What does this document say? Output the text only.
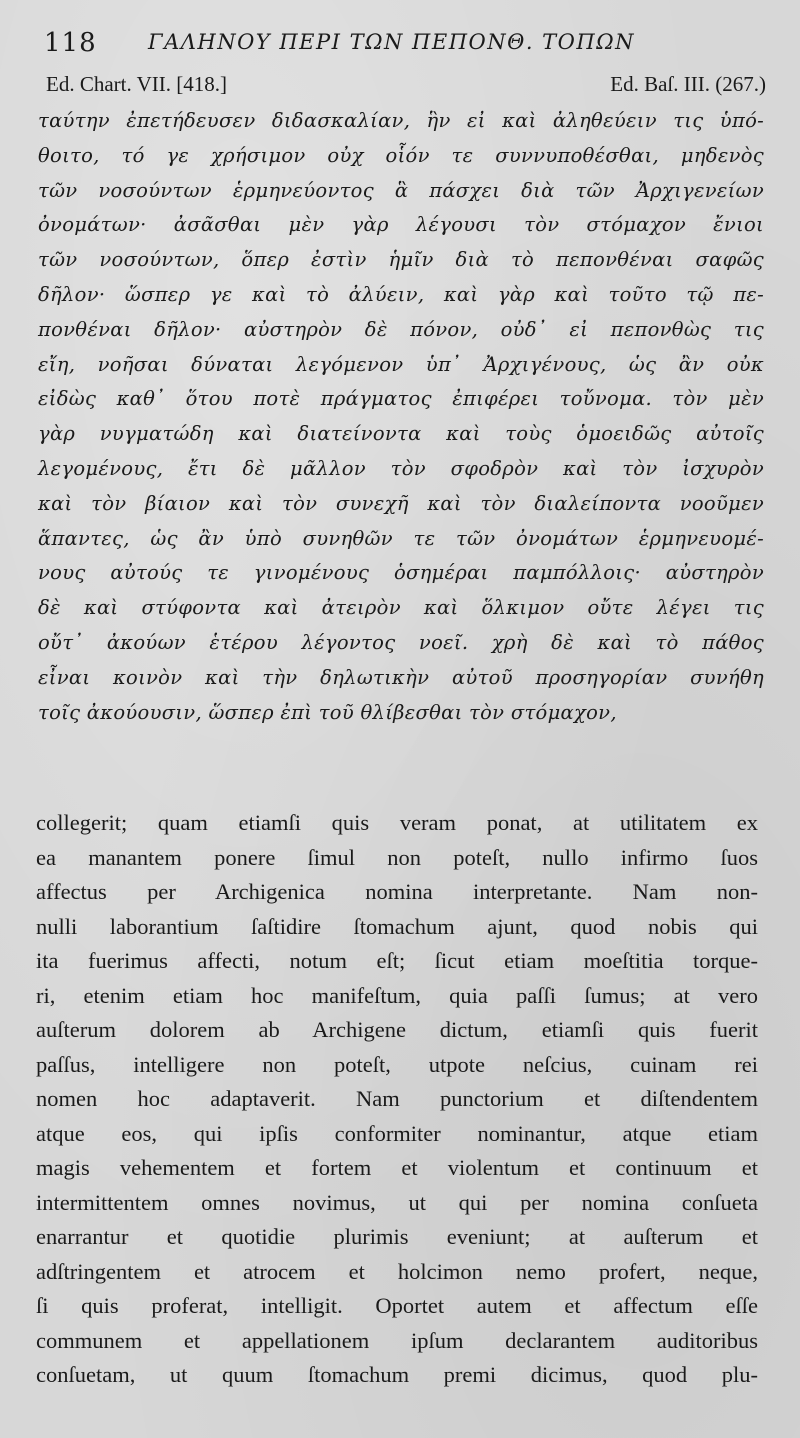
118 ΓΑΛΗΝΟΥ ΠΕΡΙ ΤΩΝ ΠΕΠΟΝΘ. ΤΟΠΩΝ
Ed. Chart. VII. [418.]	Ed. Baſ. III. (267.)
ταύτην ἐπετήδευσεν διδασκαλίαν, ἣν εἰ καὶ ἀληθεύειν τις ὑπό-
θοιτο, τό γε χρήσιμον οὐχ οἷόν τε συννυποθέσθαι, μηδενὸς
τῶν νοσούντων ἑρμηνεύοντος ἃ πάσχει διὰ τῶν Ἀρχιγενείων
ὀνομάτων· ἀσᾶσθαι μὲν γὰρ λέγουσι τὸν στόμαχον ἔνιοι
τῶν νοσούντων, ὅπερ ἐστὶν ἡμῖν διὰ τὸ πεπονθέναι σαφῶς
δῆλον· ὥσπερ γε καὶ τὸ ἀλύειν, καὶ γὰρ καὶ τοῦτο τῷ πε-
πονθέναι δῆλον· αὐστηρὸν δὲ πόνον, οὐδ᾽ εἰ πεπονθὼς τις
εἴη, νοῆσαι δύναται λεγόμενον ὑπ᾽ Ἀρχιγένους, ὡς ἂν οὐκ
εἰδὼς καθ᾽ ὅτου ποτὲ πράγματος ἐπιφέρει τοὔνομα. τὸν μὲν
γὰρ νυγματώδη καὶ διατείνοντα καὶ τοὺς ὁμοειδῶς αὐτοῖς
λεγομένους, ἔτι δὲ μᾶλλον τὸν σφοδρὸν καὶ τὸν ἰσχυρὸν
καὶ τὸν βίαιον καὶ τὸν συνεχῆ καὶ τὸν διαλείποντα νοοῦμεν
ἅπαντες, ὡς ἂν ὑπὸ συνηθῶν τε τῶν ὀνομάτων ἑρμηνευομέ-
νους αὐτούς τε γινομένους ὁσημέραι παμπόλλοις· αὐστηρὸν
δὲ καὶ στύφοντα καὶ ἀτειρὸν καὶ ὅλκιμον οὔτε λέγει τις
οὔτ᾽ ἀκούων ἑτέρου λέγοντος νοεῖ. χρὴ δὲ καὶ τὸ πάθος
εἶναι κοινὸν καὶ τὴν δηλωτικὴν αὐτοῦ προσηγορίαν συνήθη
τοῖς ἀκούουσιν, ὥσπερ ἐπὶ τοῦ θλίβεσθαι τὸν στόμαχον,
collegerit; quam etiamſi quis veram ponat, at utilitatem ex
ea manantem ponere ſimul non poteſt, nullo infirmo ſuos
affectus per Archigenica nomina interpretante. Nam non-
nulli laborantium ſaſtidire ſtomachum ajunt, quod nobis qui
ita fuerimus affecti, notum eſt; ſicut etiam moeſtitia torque-
ri, etenim etiam hoc manifeſtum, quia paſſi ſumus; at vero
auſterum dolorem ab Archigene dictum, etiamſi quis fuerit
paſſus, intelligere non poteſt, utpote neſcius, cuinam rei
nomen hoc adaptaverit. Nam punctorium et diſtendentem
atque eos, qui ipſis conformiter nominantur, atque etiam
magis vehementem et fortem et violentum et continuum et
intermittentem omnes novimus, ut qui per nomina conſueta
enarrantur et quotidie plurimis eveniunt; at auſterum et
adſtringentem et atrocem et holcimon nemo profert, neque,
ſi quis proferat, intelligit. Oportet autem et affectum eſſe
communem et appellationem ipſum declarantem auditoribus
conſuetam, ut quum ſtomachum premi dicimus, quod plu-
